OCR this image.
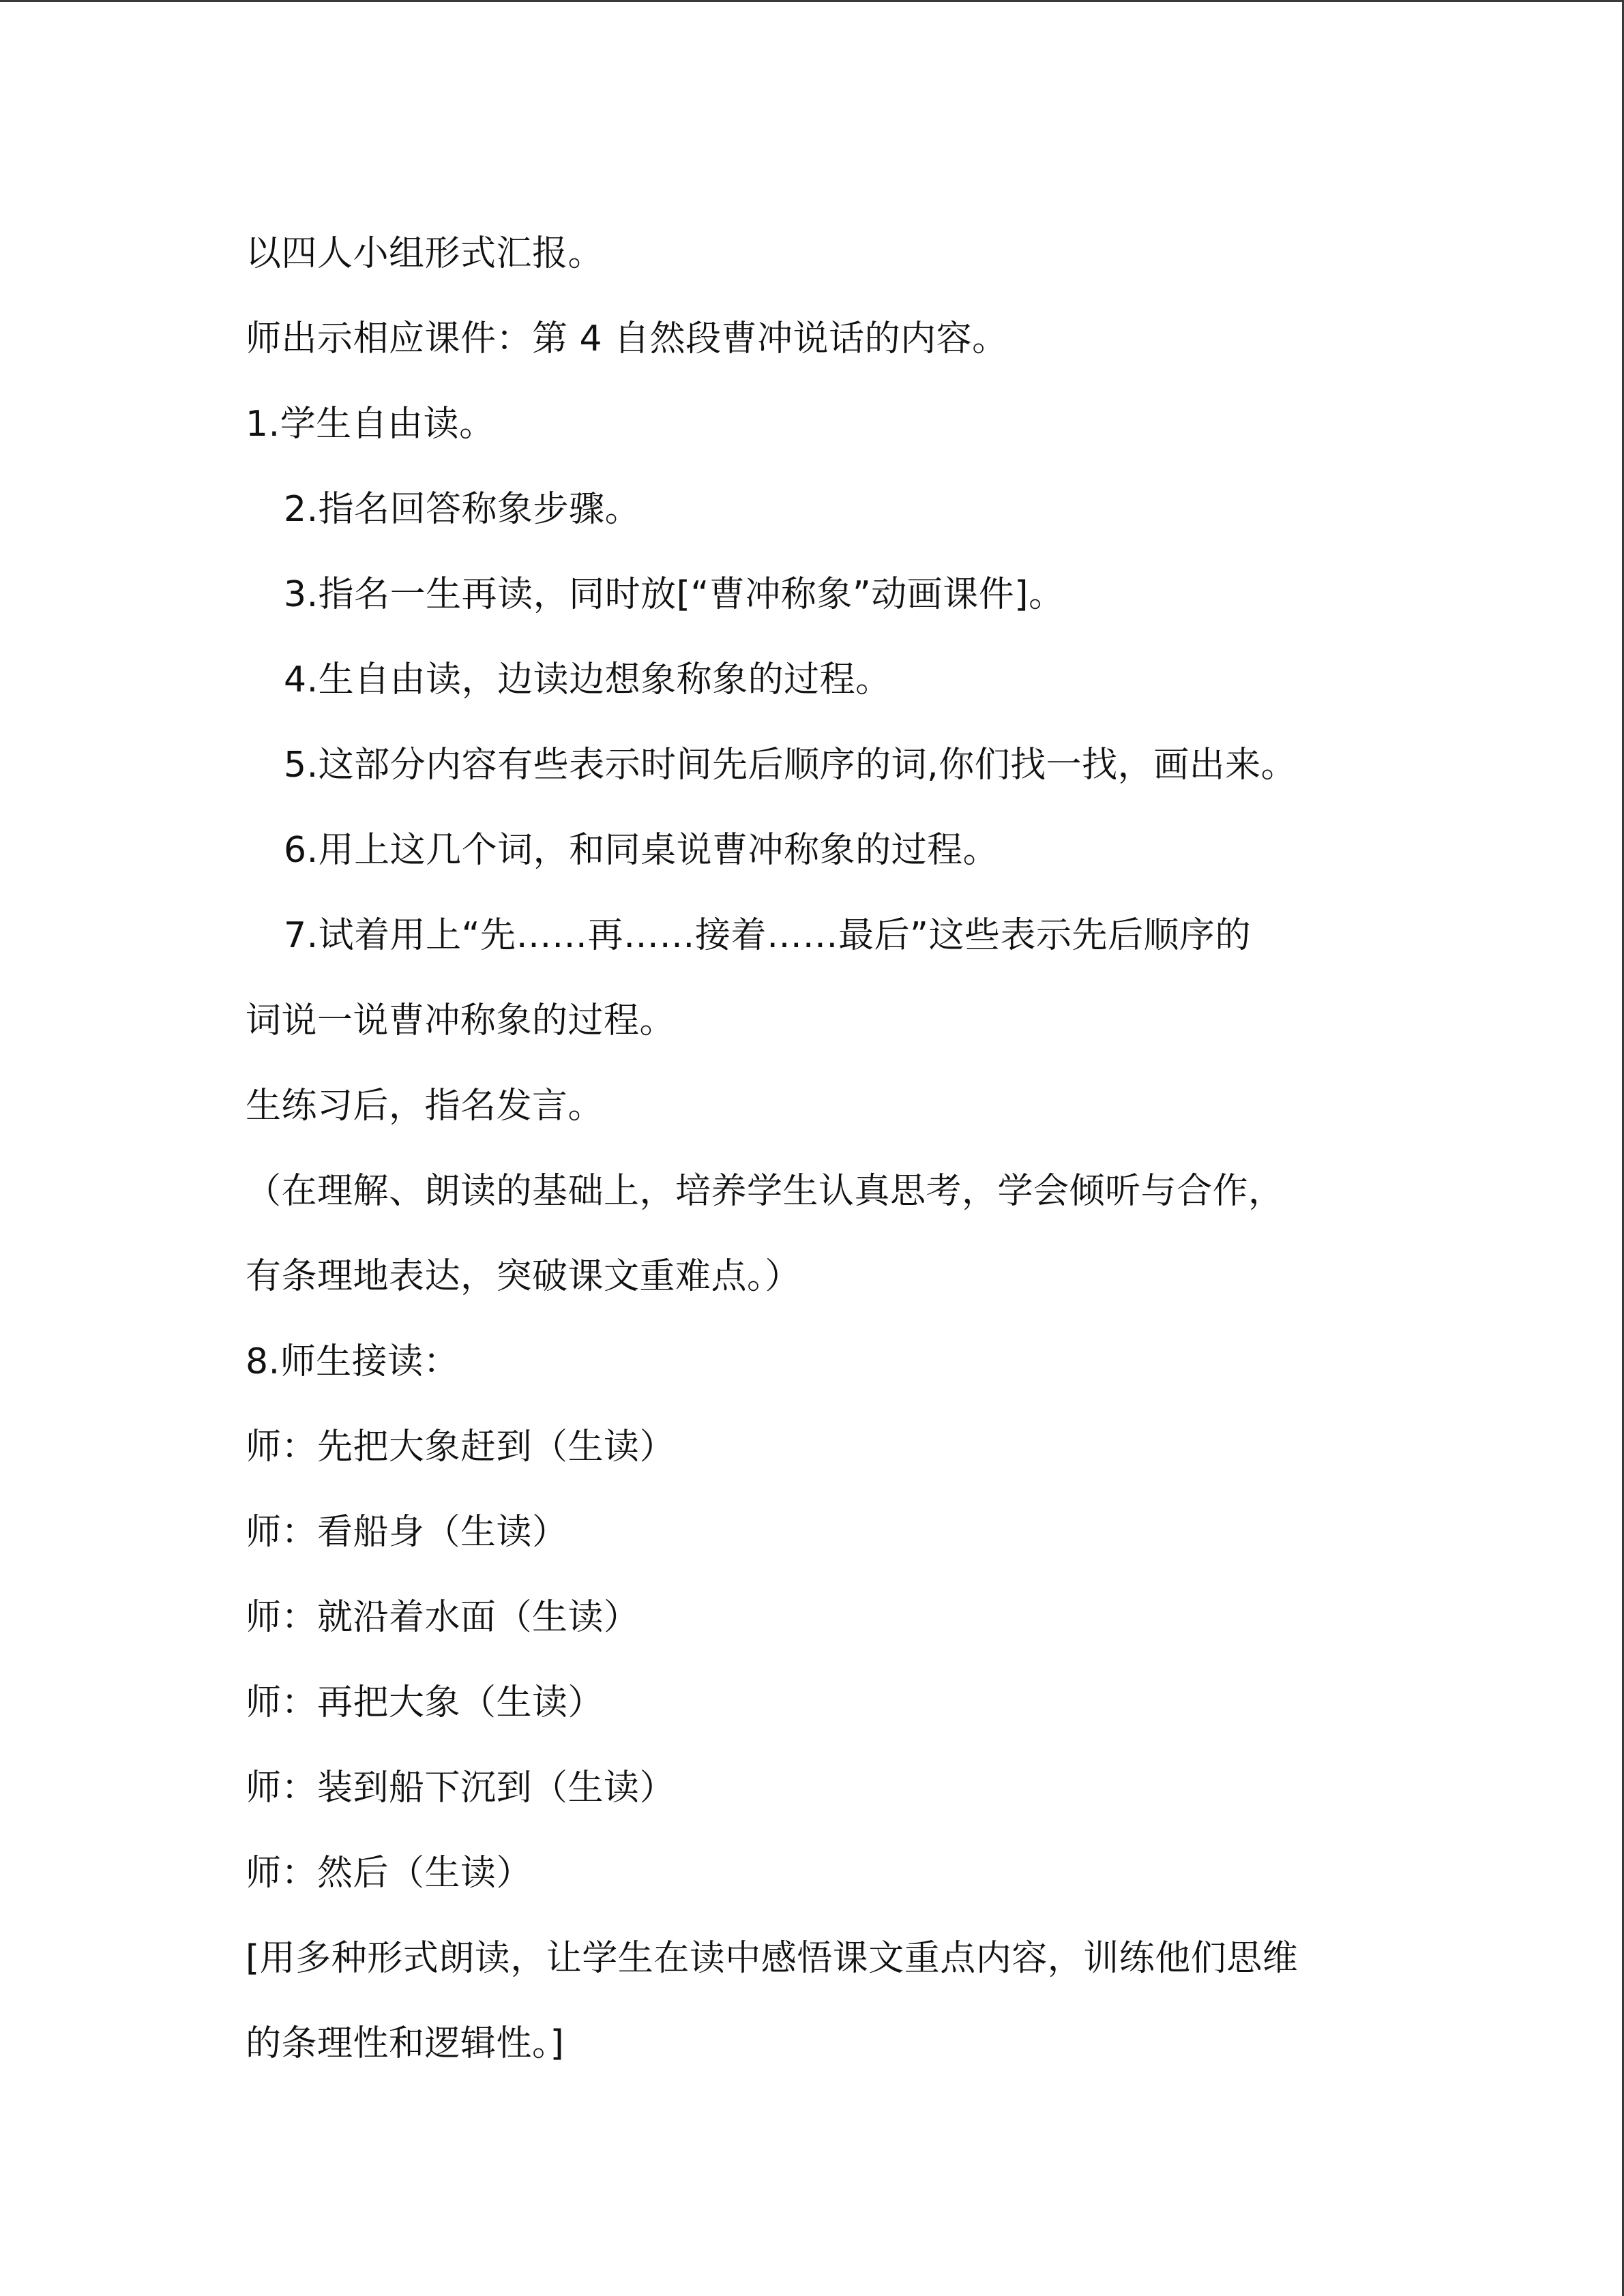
以四人小组形式汇报。
师出示相应课件：第 4 自然段曹冲说话的内容。
1.学生自由读。
2.指名回答称象步骤。
3.指名一生再读，同时放[“曹冲称象”动画课件]。
4.生自由读，边读边想象称象的过程。
5.这部分内容有些表示时间先后顺序的词,你们找一找，画出来。
6.用上这几个词，和同桌说曹冲称象的过程。
7.试着用上“先……再……接着……最后”这些表示先后顺序的
词说一说曹冲称象的过程。
生练习后，指名发言。
（在理解、朗读的基础上，培养学生认真思考，学会倾听与合作，
有条理地表达，突破课文重难点。）
8.师生接读：
师：先把大象赶到（生读）
师：看船身（生读）
师：就沿着水面（生读）
师：再把大象（生读）
师：装到船下沉到（生读）
师：然后（生读）
[用多种形式朗读，让学生在读中感悟课文重点内容，训练他们思维
的条理性和逻辑性。]
